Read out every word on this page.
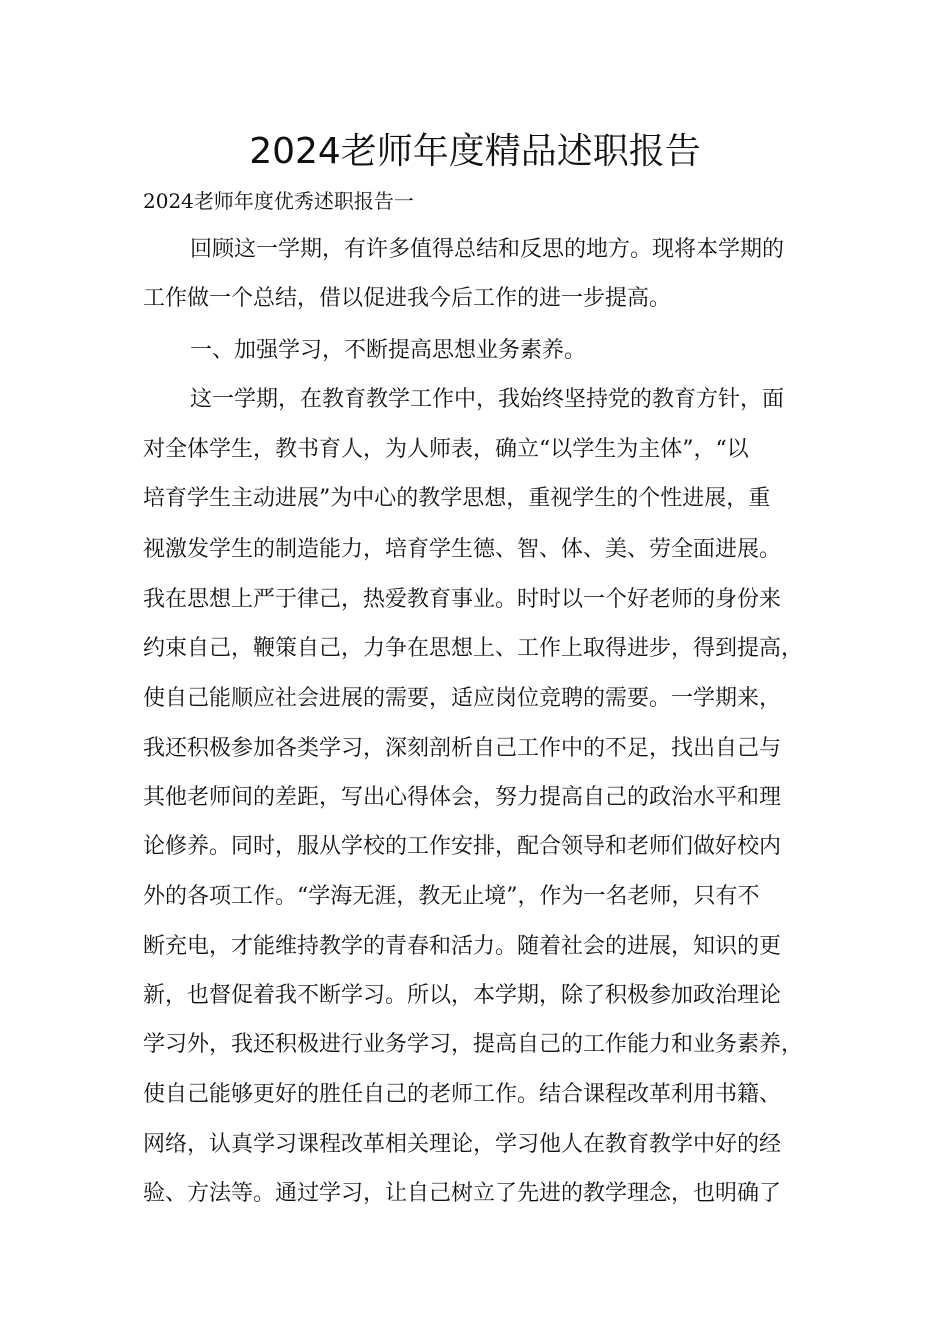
2024老师年度精品述职报告
2024老师年度优秀述职报告一
回顾这一学期，有许多值得总结和反思的地方。现将本学期的
工作做一个总结，借以促进我今后工作的进一步提高。
一、加强学习，不断提高思想业务素养。
这一学期，在教育教学工作中，我始终坚持党的教育方针，面
对全体学生，教书育人，为人师表，确立“以学生为主体”，“以
培育学生主动进展”为中心的教学思想，重视学生的个性进展，重
视激发学生的制造能力，培育学生德、智、体、美、劳全面进展。
我在思想上严于律己，热爱教育事业。时时以一个好老师的身份来
约束自己，鞭策自己，力争在思想上、工作上取得进步，得到提高，
使自己能顺应社会进展的需要，适应岗位竞聘的需要。一学期来，
我还积极参加各类学习，深刻剖析自己工作中的不足，找出自己与
其他老师间的差距，写出心得体会，努力提高自己的政治水平和理
论修养。同时，服从学校的工作安排，配合领导和老师们做好校内
外的各项工作。“学海无涯，教无止境”，作为一名老师，只有不
断充电，才能维持教学的青春和活力。随着社会的进展，知识的更
新，也督促着我不断学习。所以，本学期，除了积极参加政治理论
学习外，我还积极进行业务学习，提高自己的工作能力和业务素养，
使自己能够更好的胜任自己的老师工作。结合课程改革利用书籍、
网络，认真学习课程改革相关理论，学习他人在教育教学中好的经
验、方法等。通过学习，让自己树立了先进的教学理念，也明确了
